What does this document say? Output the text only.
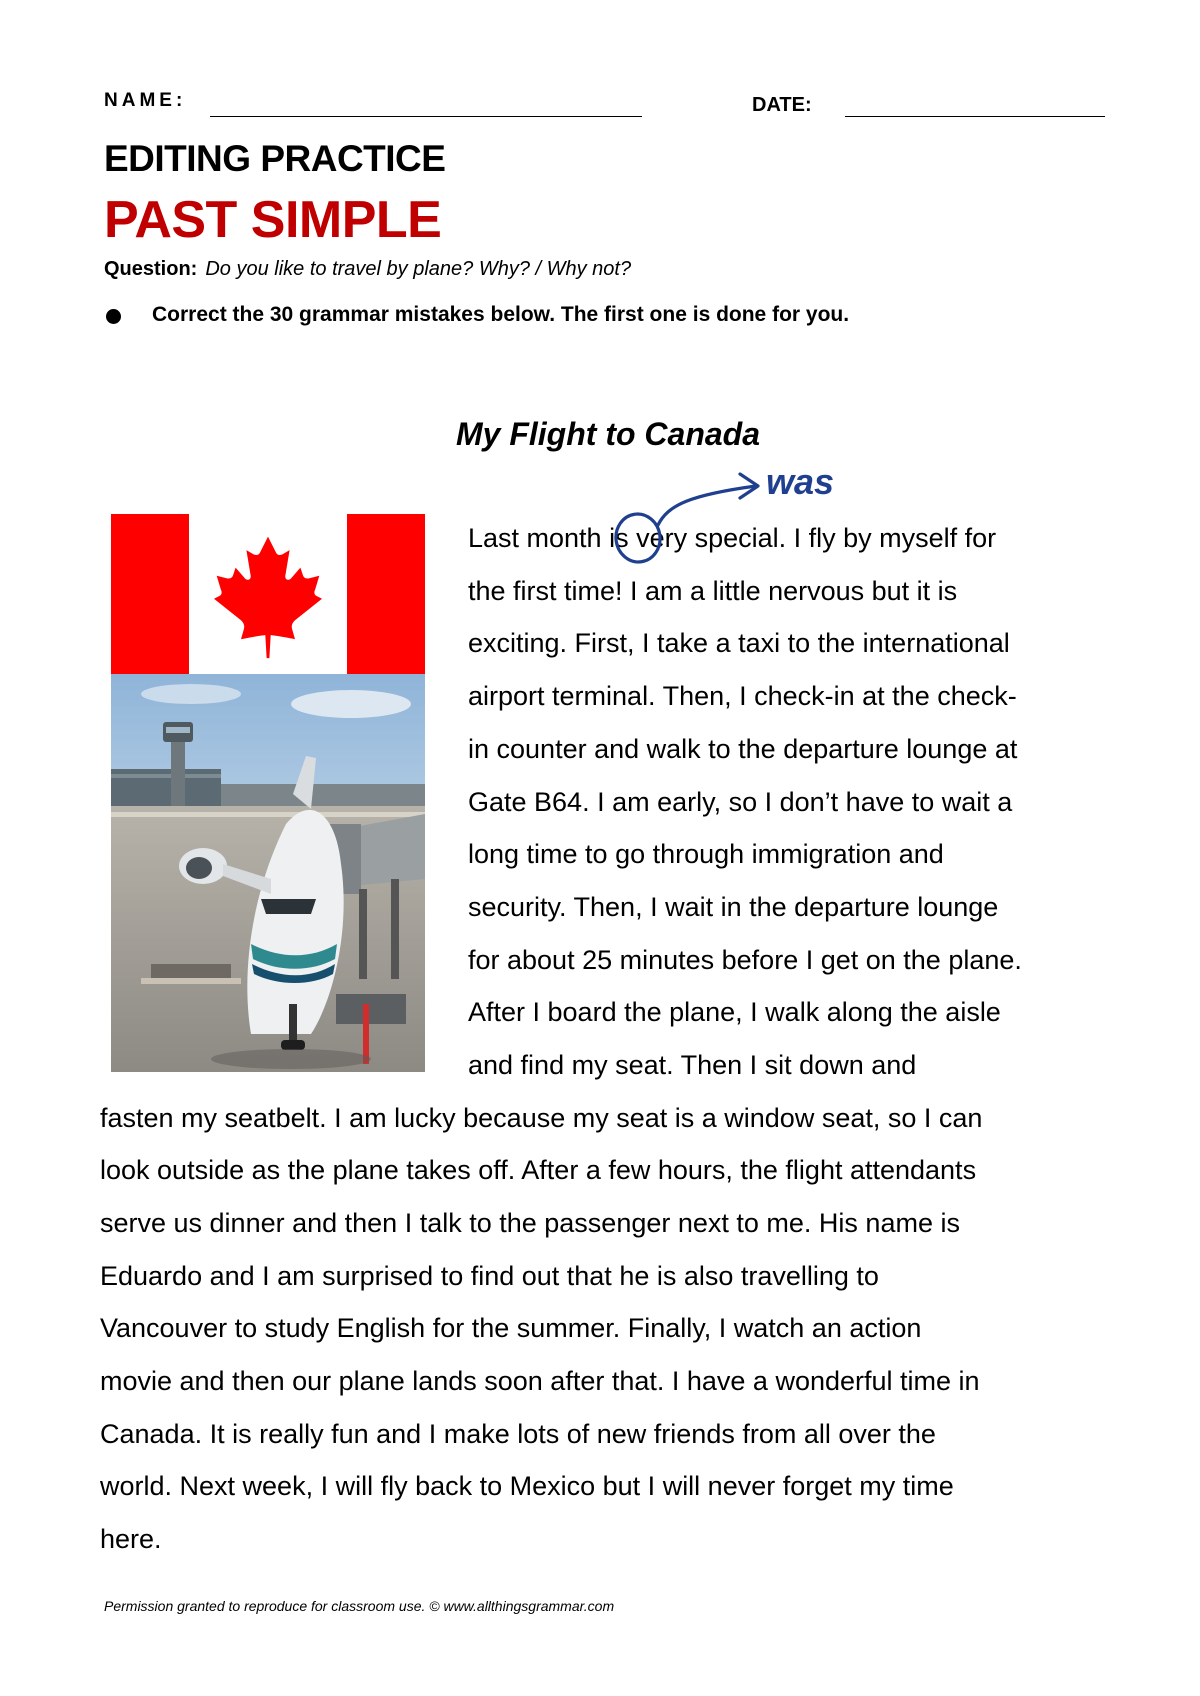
NAME:	DATE:
EDITING PRACTICE
PAST SIMPLE
Question: Do you like to travel by plane? Why? / Why not?
Correct the 30 grammar mistakes below. The first one is done for you.
My Flight to Canada
Last month is very special. I fly by myself for
the first time! I am a little nervous but it is
exciting. First, I take a taxi to the international
airport terminal. Then, I check-in at the check-
in counter and walk to the departure lounge at
Gate B64. I am early, so I don’t have to wait a
long time to go through immigration and
security. Then, I wait in the departure lounge
for about 25 minutes before I get on the plane.
After I board the plane, I walk along the aisle
and find my seat. Then I sit down and
fasten my seatbelt. I am lucky because my seat is a window seat, so I can
look outside as the plane takes off. After a few hours, the flight attendants
serve us dinner and then I talk to the passenger next to me. His name is
Eduardo and I am surprised to find out that he is also travelling to
Vancouver to study English for the summer. Finally, I watch an action
movie and then our plane lands soon after that. I have a wonderful time in
Canada. It is really fun and I make lots of new friends from all over the
world. Next week, I will fly back to Mexico but I will never forget my time
here.
was
Permission granted to reproduce for classroom use. © www.allthingsgrammar.com
